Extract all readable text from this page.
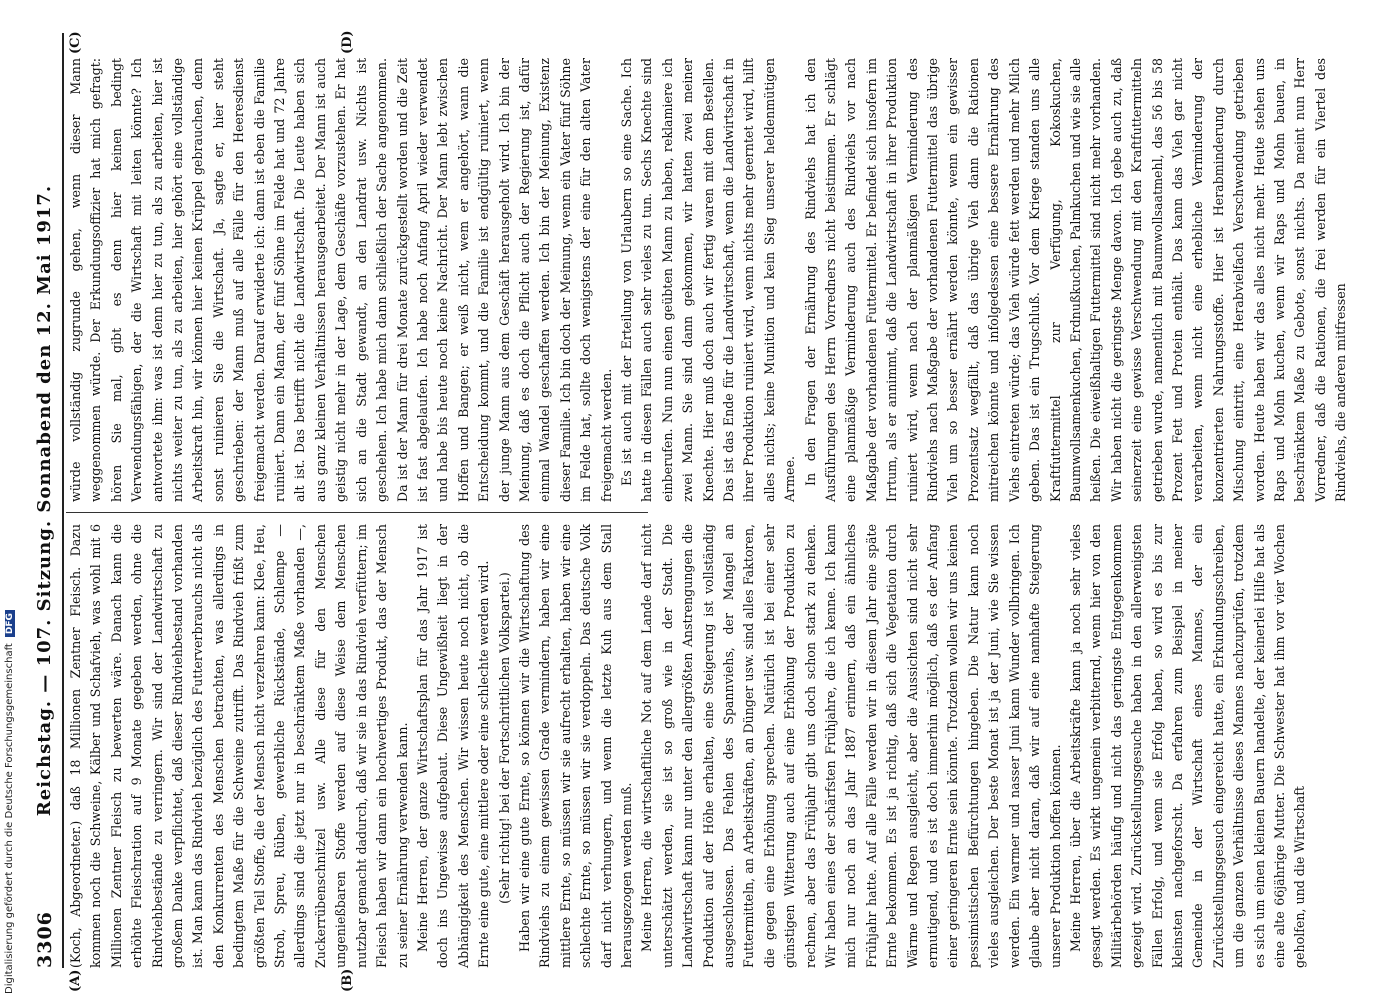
3306
Reichstag. — 107. Sitzung. Sonnabend den 12. Mai 1917.
(A)	(B)
(C)	(D)

(Koch, Abgeordneter.) daß 18 Millionen Zentner Fleisch. Dazu kommen noch die Schweine, Kälber und Schafvieh, was wohl mit 6 Millionen Zentner Fleisch zu bewerten wäre. Danach kann die erhöhte Fleischration auf 9 Monate gegeben werden, ohne die Rindviehbestände zu verringern. Wir sind der Landwirtschaft zu großem Danke verpflichtet, daß dieser Rindviehbestand vorhanden ist. Man kann das Rindvieh bezüglich des Futterverbrauchs nicht als den Konkurrenten des Menschen betrachten, was allerdings in bedingtem Maße für die Schweine zutrifft. Das Rindvieh frißt zum größten Teil Stoffe, die der Mensch nicht verzehren kann: Klee, Heu, Stroh, Spreu, Rüben, gewerbliche Rückstände, Schlempe — allerdings sind die jetzt nur in beschränktem Maße vorhanden —, Zuckerrübenschnitzel usw. Alle diese für den Menschen ungenießbaren Stoffe werden auf diese Weise dem Menschen nutzbar gemacht dadurch, daß wir sie in das Rindvieh verfüttern; im Fleisch haben wir dann ein hochwertiges Produkt, das der Mensch zu seiner Ernährung verwenden kann. Meine Herren, der ganze Wirtschaftsplan für das Jahr 1917 ist doch ins Ungewisse aufgebaut. Diese Ungewißheit liegt in der Abhängigkeit des Menschen. Wir wissen heute noch nicht, ob die Ernte eine gute, eine mittlere oder eine schlechte werden wird. (Sehr richtig! bei der Fortschrittlichen Volkspartei.) Haben wir eine gute Ernte, so können wir die Wirtschaftung des Rindviehs zu einem gewissen Grade vermindern, haben wir eine mittlere Ernte, so müssen wir sie aufrecht erhalten, haben wir eine schlechte Ernte, so müssen wir sie verdoppeln. Das deutsche Volk darf nicht verhungern, und wenn die letzte Kuh aus dem Stall herausgezogen werden muß. Meine Herren, die wirtschaftliche Not auf dem Lande darf nicht unterschätzt werden, sie ist so groß wie in der Stadt. Die Landwirtschaft kann nur unter den allergrößten Anstrengungen die Produktion auf der Höhe erhalten, eine Steigerung ist vollständig ausgeschlossen. Das Fehlen des Spannviehs, der Mangel an Futtermitteln, an Arbeitskräften, an Dünger usw. sind alles Faktoren, die gegen eine Erhöhung sprechen. Natürlich ist bei einer sehr günstigen Witterung auch auf eine Erhöhung der Produktion zu rechnen, aber das Frühjahr gibt uns doch schon stark zu denken. Wir haben eines der schärfsten Frühjahre, die ich kenne. Ich kann mich nur noch an das Jahr 1887 erinnern, daß ein ähnliches Frühjahr hatte. Auf alle Fälle werden wir in diesem Jahr eine späte Ernte bekommen. Es ist ja richtig, daß sich die Vegetation durch Wärme und Regen ausgleicht, aber die Aussichten sind nicht sehr ermutigend, und es ist doch immerhin möglich, daß es der Anfang einer geringeren Ernte sein könnte. Trotzdem wollen wir uns keinen pessimistischen Befürchtungen hingeben. Die Natur kann noch vieles ausgleichen. Der beste Monat ist ja der Juni, wie Sie wissen werden. Ein warmer und nasser Juni kann Wunder vollbringen. Ich glaube aber nicht daran, daß wir auf eine namhafte Steigerung unserer Produktion hoffen können. Meine Herren, über die Arbeitskräfte kann ja noch sehr vieles gesagt werden. Es wirkt ungemein verbitternd, wenn hier von den Militärbehörden häufig und nicht das geringste Entgegenkommen gezeigt wird. Zurückstellungsgesuche haben in den allerwenigsten Fällen Erfolg, und wenn sie Erfolg haben, so wird es bis zur kleinsten nachgeforscht. Da erfahren zum Beispiel in meiner Gemeinde in der Wirtschaft eines Mannes, der ein Zurückstellungsgesuch eingereicht hatte, ein Erkundungsschreiben, um die ganzen Verhältnisse dieses Mannes nachzuprüfen, trotzdem es sich um einen kleinen Bauern handelte, der keinerlei Hilfe hat als eine alte 66jährige Mutter. Die Schwester hat ihm vor vier Wochen geholfen, und die Wirtschaft

würde vollständig zugrunde gehen, wenn dieser Mann weggenommen würde. Der Erkundungsoffizier hat mich gefragt: hören Sie mal, gibt es denn hier keinen bedingt Verwendungsfähigen, der die Wirtschaft mit leiten könnte? Ich antwortete ihm: was ist denn hier zu tun, als zu arbeiten, hier ist nichts weiter zu tun, als zu arbeiten, hier gehört eine vollständige Arbeitskraft hin, wir können hier keinen Krüppel gebrauchen, denn sonst ruinieren Sie die Wirtschaft. Ja, sagte er, hier steht geschrieben: der Mann muß auf alle Fälle für den Heeresdienst freigemacht werden. Darauf erwiderte ich: dann ist eben die Familie ruiniert. Dann ein Mann, der fünf Söhne im Felde hat und 72 Jahre alt ist. Das betrifft nicht die Landwirtschaft. Die Leute haben sich aus ganz kleinen Verhältnissen herausgearbeitet. Der Mann ist auch geistig nicht mehr in der Lage, dem Geschäfte vorzustehen. Er hat sich an die Stadt gewandt, an den Landrat usw. Nichts ist geschehen. Ich habe mich dann schließlich der Sache angenommen. Da ist der Mann für drei Monate zurückgestellt worden und die Zeit ist fast abgelaufen. Ich habe noch Anfang April wieder verwendet und habe bis heute noch keine Nachricht. Der Mann lebt zwischen Hoffen und Bangen; er weiß nicht, wem er angehört, wann die Entscheidung kommt, und die Familie ist endgültig ruiniert, wenn der junge Mann aus dem Geschäft herausgeholt wird. Ich bin der Meinung, daß es doch die Pflicht auch der Regierung ist, dafür einmal Wandel geschaffen werden. Ich bin der Meinung, Existenz dieser Familie. Ich bin doch der Meinung, wenn ein Vater fünf Söhne im Felde hat, sollte doch wenigstens der eine für den alten Vater freigemacht werden. Es ist auch mit der Erteilung von Urlaubern so eine Sache. Ich hatte in diesen Fällen auch sehr vieles zu tun. Sechs Knechte sind einberufen. Nun nun einen geübten Mann zu haben, reklamiere ich zwei Mann. Sie sind dann gekommen, wir hatten zwei meiner Knechte. Hier muß doch auch wir fertig waren mit dem Bestellen. Das ist das Ende für die Landwirtschaft, wenn die Landwirtschaft in ihrer Produktion ruiniert wird, wenn nichts mehr geerntet wird, hilft alles nichts; keine Munition und kein Sieg unserer heldenmütigen Armee. In den Fragen der Ernährung des Rindviehs hat ich den Ausführungen des Herrn Vorredners nicht beistimmen. Er schlägt eine planmäßige Verminderung auch des Rindviehs vor nach Maßgabe der vorhandenen Futtermittel. Er befindet sich insofern im Irrtum, als er annimmt, daß die Landwirtschaft in ihrer Produktion ruiniert wird, wenn nach der planmäßigen Verminderung des Rindviehs nach Maßgabe der vorhandenen Futtermittel das übrige Vieh um so besser ernährt werden könnte, wenn ein gewisser Prozentsatz wegfällt, daß das übrige Vieh dann die Rationen mitreichen könnte und infolgedessen eine bessere Ernährung des Viehs eintreten würde; das Vieh würde fett werden und mehr Milch geben. Das ist ein Trugschluß. Vor dem Kriege standen uns alle Kraftfuttermittel zur Verfügung, Kokoskuchen, Baumwollsamenkuchen, Erdnußkuchen, Palmkuchen und wie sie alle heißen. Die eiweißhaltigen Futtermittel sind nicht mehr vorhanden. Wir haben nicht die geringste Menge davon. Ich gebe auch zu, daß seinerzeit eine gewisse Verschwendung mit den Kraftfuttermitteln getrieben wurde, namentlich mit Baumwollsaatmehl, das 56 bis 58 Prozent Fett und Protein enthält. Das kann das Vieh gar nicht verarbeiten, wenn nicht eine erhebliche Verminderung der konzentrierten Nahrungsstoffe. Hier ist Herabminderung durch Mischung eintritt, eine Herabvielfach Verschwendung getrieben worden. Heute haben wir das alles nicht mehr. Heute stehen uns Raps und Mohn kuchen, wenn wir Raps und Mohn bauen, in beschränktem Maße zu Gebote, sonst nichts. Da meint nun Herr Vorredner, daß die Rationen, die frei werden für ein Viertel des Rindviehs, die anderen mitfressen

Digitalisierung gefördert durch die Deutsche ForschungsgemeinschaftDFG
